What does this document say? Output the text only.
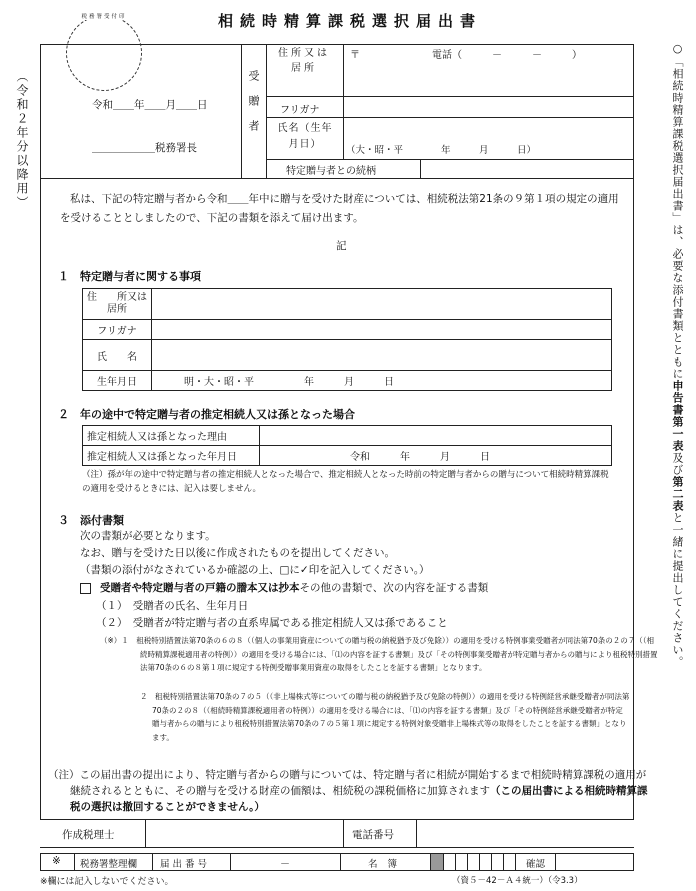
相続時精算課税選択届出書
（令和２年分以降用）	○「相続時精算課税選択届出書」は、必要な添付書類とともに申告書第一表及び第二表と一緒に提出してください。
税務署受付印
令和＿＿年＿＿月＿＿日
＿＿＿＿＿＿税務署長
受贈者
住所又は居所
〒	電話（　　　－　　　－　　　）
フリガナ
氏名（生年月日）
（大・昭・平　　　　年　　　月　　　日）
特定贈与者との続柄
私は、下記の特定贈与者から令和＿＿年中に贈与を受けた財産については、相続税法第21条の９第１項の規定の適用を受けることとしましたので、下記の書類を添えて届け出ます。
記
１　特定贈与者に関する事項
住　　所又は居所	
フリガナ	
氏　　名	
生年月日	明・大・昭・平　　　　　年　　　月　　　日
２　年の途中で特定贈与者の推定相続人又は孫となった場合
推定相続人又は孫となった理由	
推定相続人又は孫となった年月日	令和　　　年　　　月　　　日
（注）孫が年の途中で特定贈与者の推定相続人となった場合で、推定相続人となった時前の特定贈与者からの贈与について相続時精算課税の適用を受けるときには、記入は要しません。
３　添付書類
次の書類が必要となります。
なお、贈与を受けた日以後に作成されたものを提出してください。
（書類の添付がなされているか確認の上、□に✓印を記入してください。）
受贈者や特定贈与者の戸籍の謄本又は抄本その他の書類で、次の内容を証する書類
（１）　受贈者の氏名、生年月日
（２）　受贈者が特定贈与者の直系卑属である推定相続人又は孫であること
（※）１　租税特別措置法第70条の６の８（（個人の事業用資産についての贈与税の納税猶予及び免除））の適用を受ける特例事業受贈者が同法第70条の２の７（（相続時精算課税適用者の特例））の適用を受ける場合には、「⑴の内容を証する書類」及び「その特例事業受贈者が特定贈与者からの贈与により租税特別措置法第70条の６の８第１項に規定する特例受贈事業用資産の取得をしたことを証する書類」となります。
２　租税特別措置法第70条の７の５（（非上場株式等についての贈与税の納税猶予及び免除の特例））の適用を受ける特例経営承継受贈者が同法第70条の２の８（（相続時精算課税適用者の特例））の適用を受ける場合には、「⑴の内容を証する書類」及び「その特例経営承継受贈者が特定贈与者からの贈与により租税特別措置法第70条の７の５第１項に規定する特例対象受贈非上場株式等の取得をしたことを証する書類」となります。
（注）この届出書の提出により、特定贈与者からの贈与については、特定贈与者に相続が開始するまで相続時精算課税の適用が継続されるとともに、その贈与を受ける財産の価額は、相続税の課税価格に加算されます（この届出書による相続時精算課税の選択は撤回することができません。）
作成税理士	電話番号
※ 税務署整理欄 届出番号	－	名簿	確認
※欄には記入しないでください。	（資５－42－Ａ４統一）（令3.3）
